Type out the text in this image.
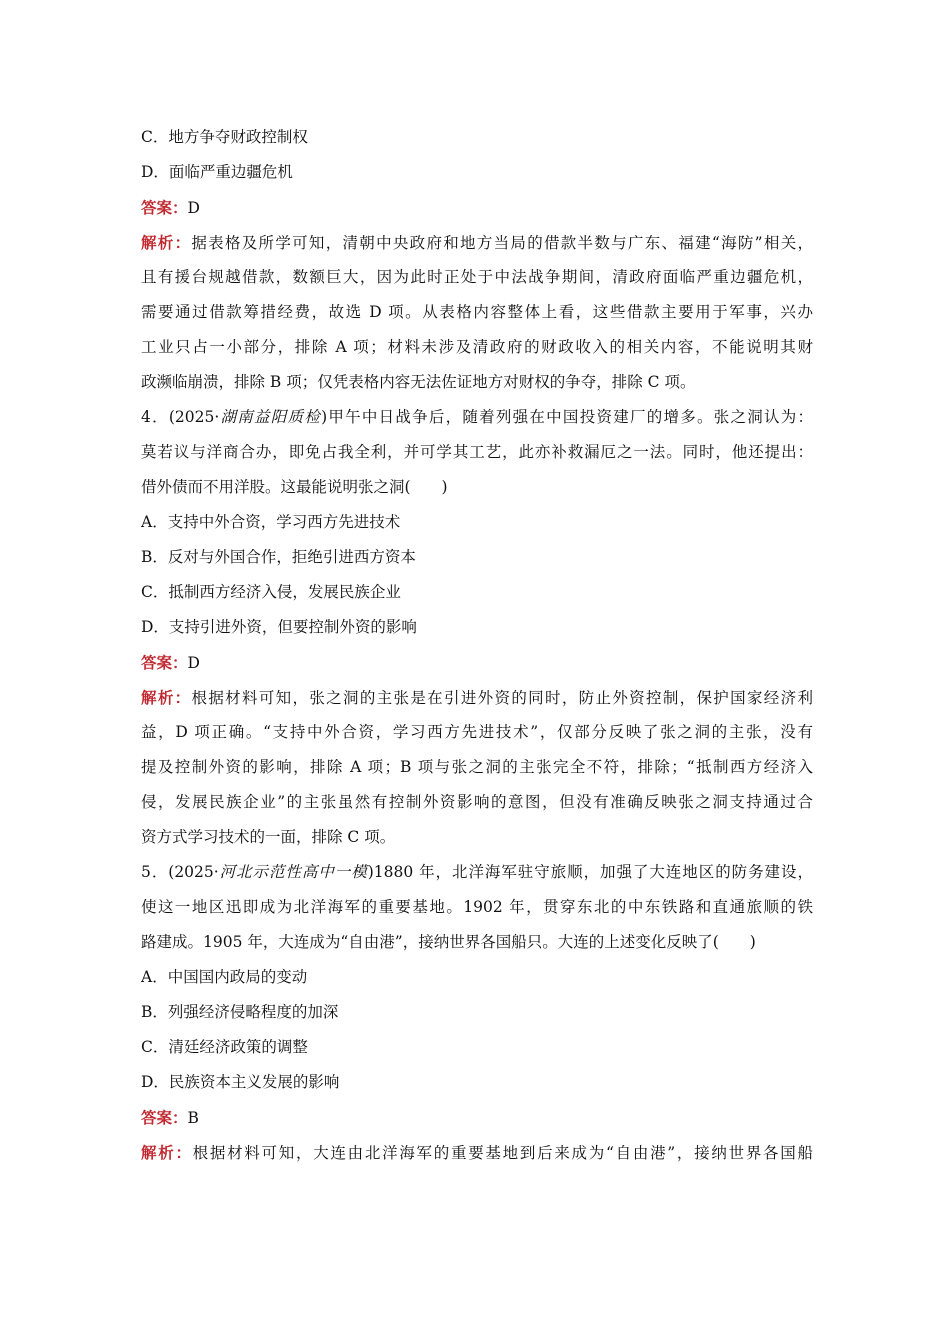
C．地方争夺财政控制权
D．面临严重边疆危机
答案：D
解析：据表格及所学可知，清朝中央政府和地方当局的借款半数与广东、福建“海防”相关，
且有援台规越借款，数额巨大，因为此时正处于中法战争期间，清政府面临严重边疆危机，
需要通过借款筹措经费，故选 D 项。从表格内容整体上看，这些借款主要用于军事，兴办
工业只占一小部分，排除 A 项；材料未涉及清政府的财政收入的相关内容，不能说明其财
政濒临崩溃，排除 B 项；仅凭表格内容无法佐证地方对财权的争夺，排除 C 项。
4．(2025·湖南益阳质检)甲午中日战争后，随着列强在中国投资建厂的增多。张之洞认为：
莫若议与洋商合办，即免占我全利，并可学其工艺，此亦补救漏厄之一法。同时，他还提出：
借外债而不用洋股。这最能说明张之洞(　　)
A．支持中外合资，学习西方先进技术
B．反对与外国合作，拒绝引进西方资本
C．抵制西方经济入侵，发展民族企业
D．支持引进外资，但要控制外资的影响
答案：D
解析：根据材料可知，张之洞的主张是在引进外资的同时，防止外资控制，保护国家经济利
益，D 项正确。“支持中外合资，学习西方先进技术”，仅部分反映了张之洞的主张，没有
提及控制外资的影响，排除 A 项；B 项与张之洞的主张完全不符，排除；“抵制西方经济入
侵，发展民族企业”的主张虽然有控制外资影响的意图，但没有准确反映张之洞支持通过合
资方式学习技术的一面，排除 C 项。
5．(2025·河北示范性高中一模)1880 年，北洋海军驻守旅顺，加强了大连地区的防务建设，
使这一地区迅即成为北洋海军的重要基地。1902 年，贯穿东北的中东铁路和直通旅顺的铁
路建成。1905 年，大连成为“自由港”，接纳世界各国船只。大连的上述变化反映了(　　)
A．中国国内政局的变动
B．列强经济侵略程度的加深
C．清廷经济政策的调整
D．民族资本主义发展的影响
答案：B
解析：根据材料可知，大连由北洋海军的重要基地到后来成为“自由港”，接纳世界各国船
